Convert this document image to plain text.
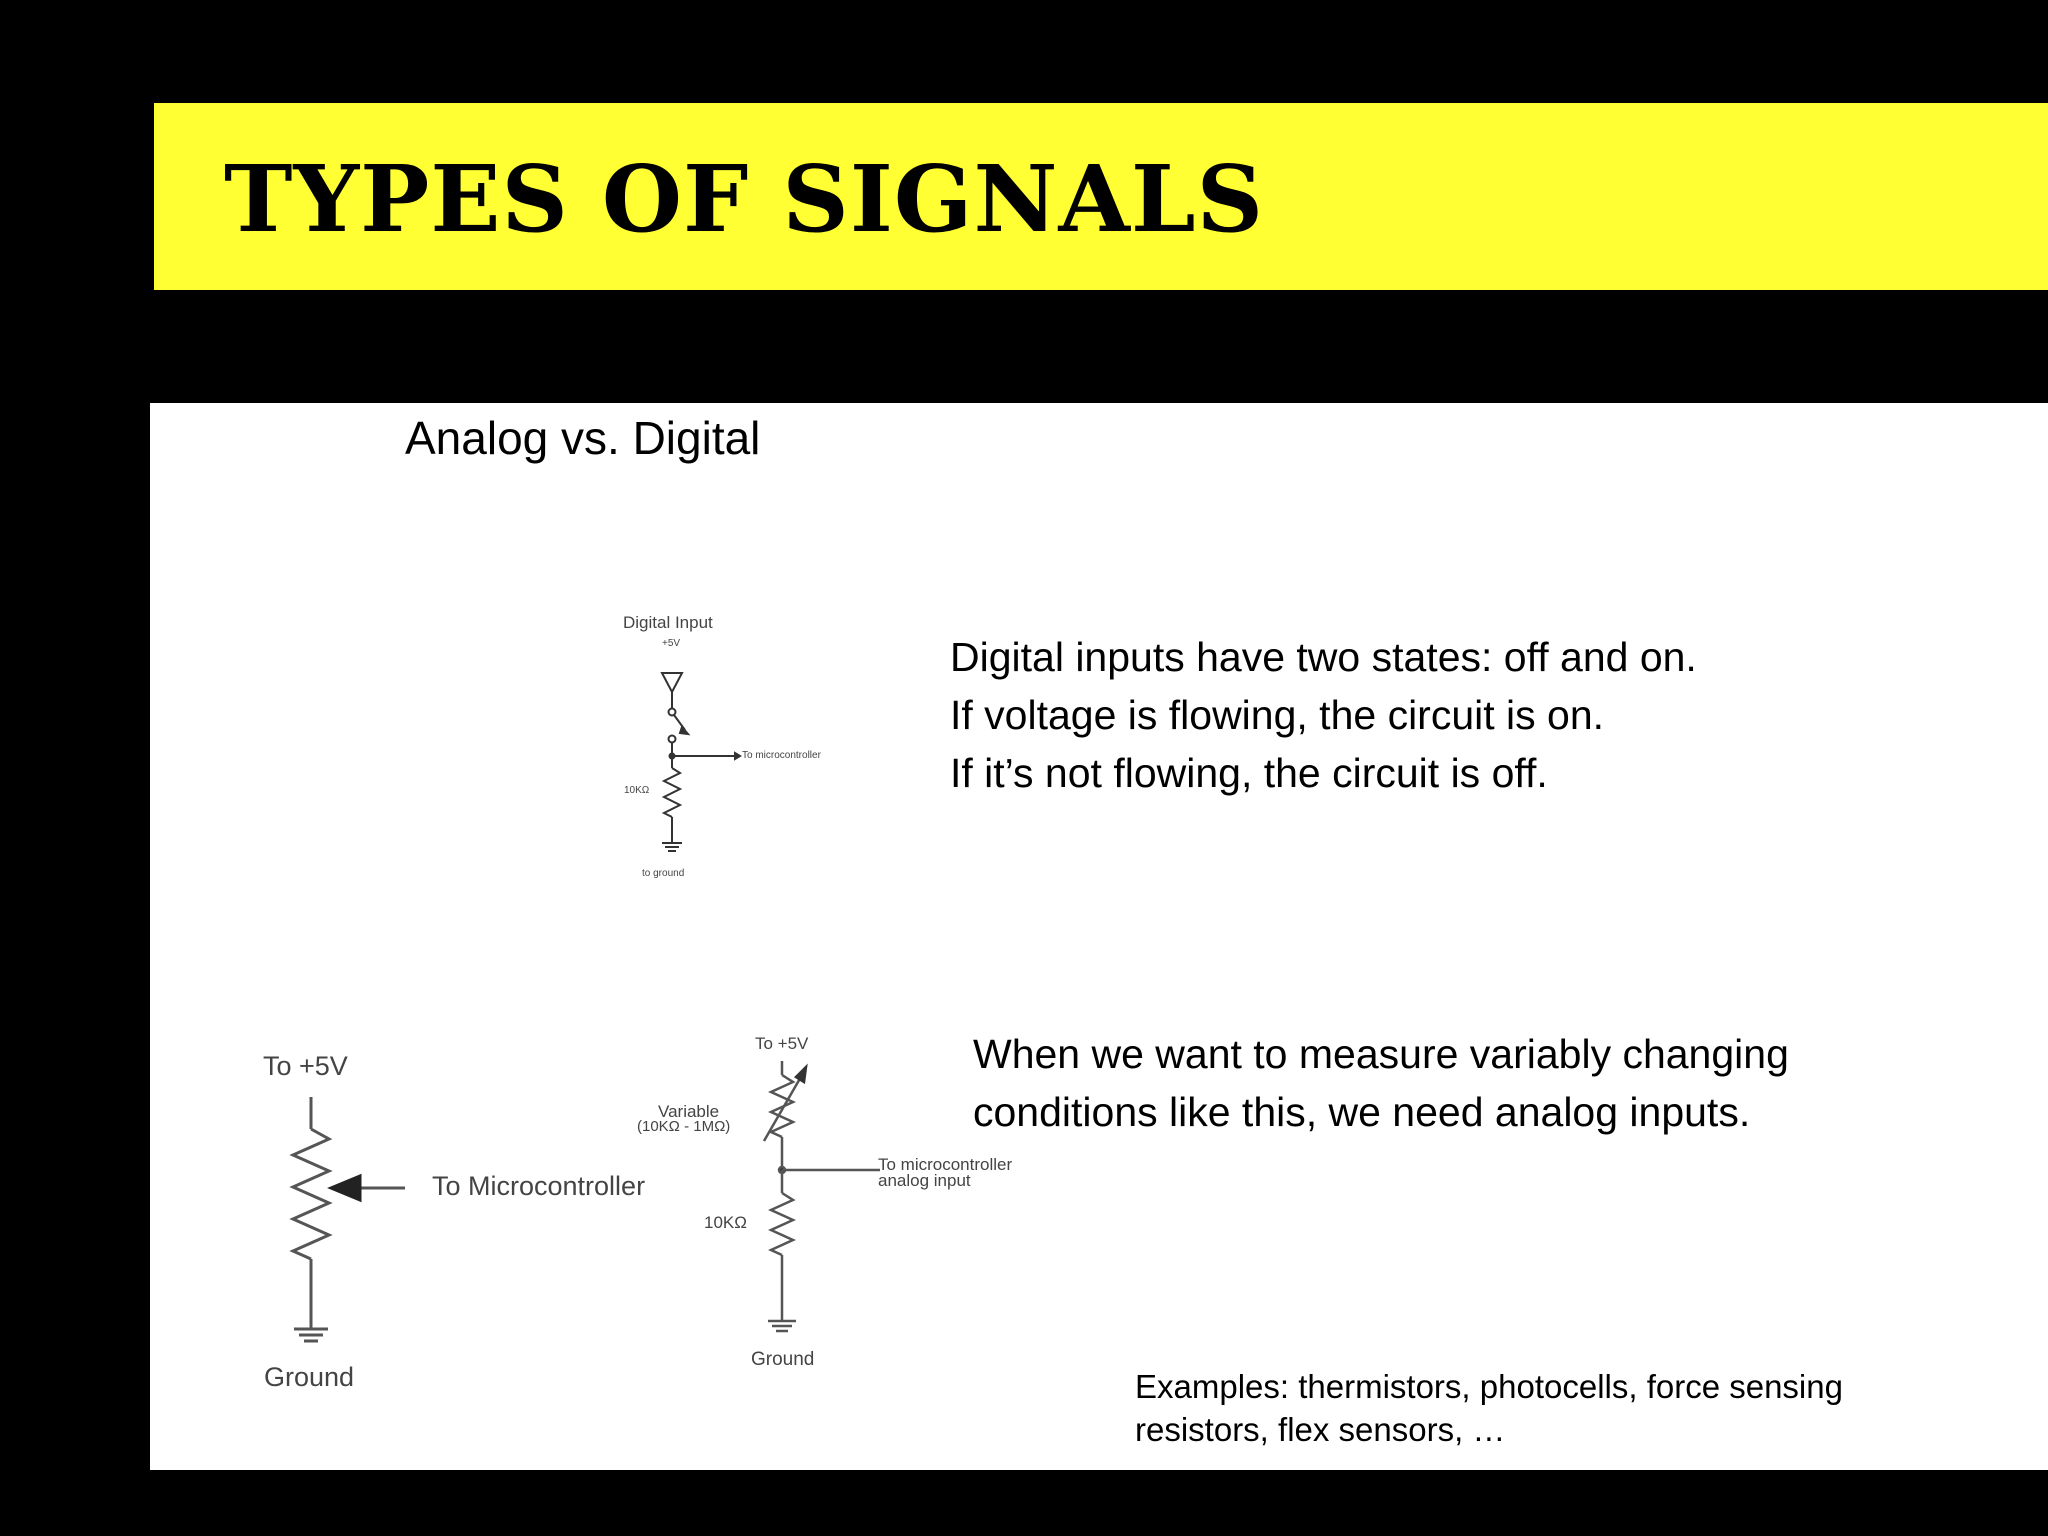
TYPES OF SIGNALS
Analog vs. Digital
Digital inputs have two states: off and on.
If voltage is flowing, the circuit is on.
If it’s not flowing, the circuit is off.
When we want to measure variably changing
conditions like this, we need analog inputs.
Examples: thermistors, photocells, force sensing
resistors, flex sensors, …
Digital Input
+5V
To microcontroller
10KΩ
to ground
To +5V
To Microcontroller
Ground
To +5V
Variable
(10KΩ - 1MΩ)
To microcontroller
analog input
10KΩ
Ground
